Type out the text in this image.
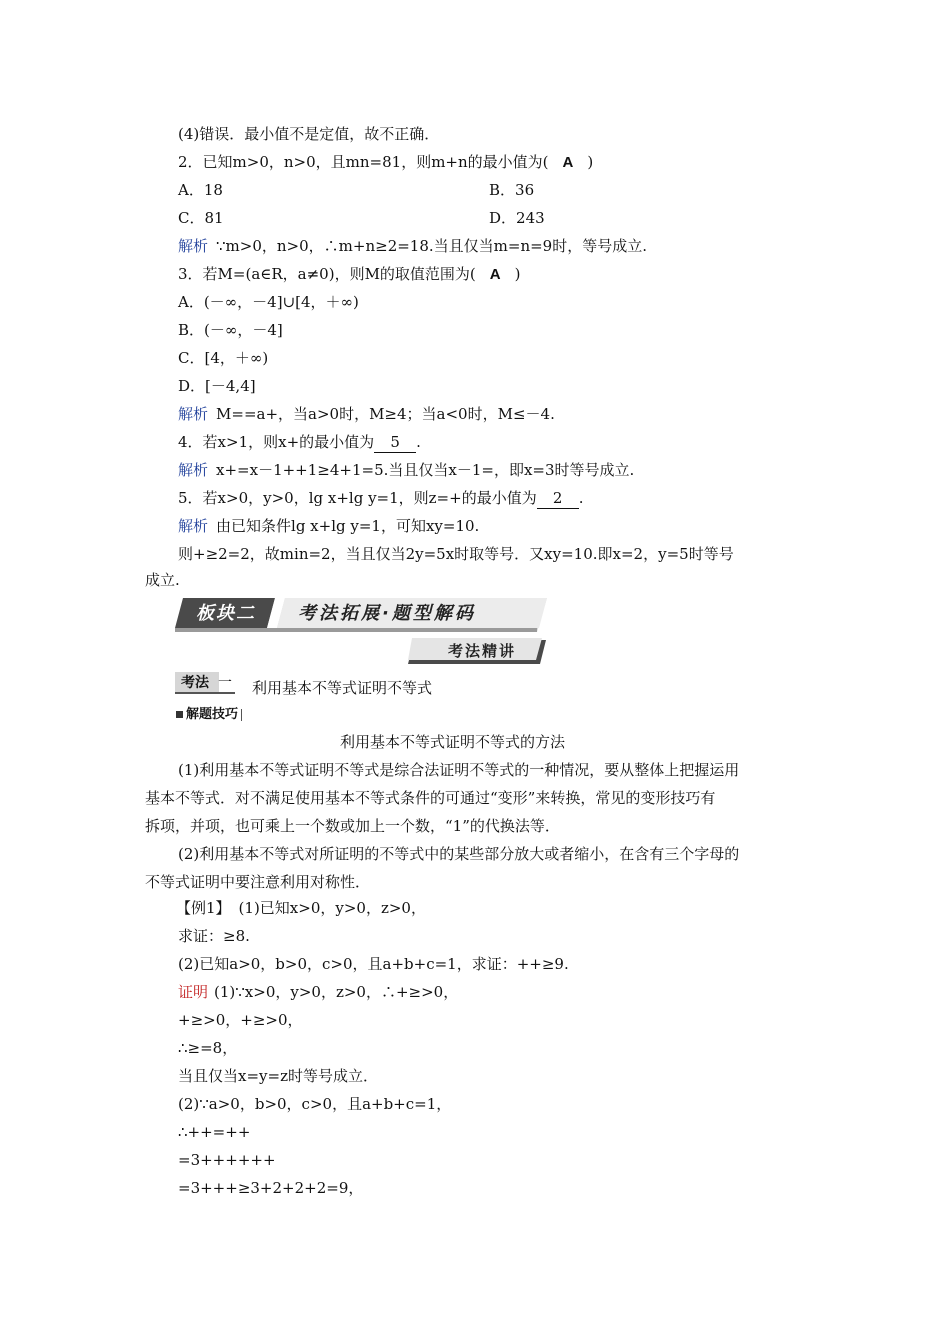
(4)错误．最小值不是定值，故不正确．
2．已知m>0，n>0，且mn=81，则m+n的最小值为( A )
A．18	B．36
C．81	D．243
解析 ∵m>0，n>0，∴m+n≥2=18.当且仅当m=n=9时，等号成立.
3．若M=(a∈R，a≠0)，则M的取值范围为( A )
A．(－∞，－4]∪[4，＋∞)
B．(－∞，－4]
C．[4，＋∞)
D．[－4,4]
解析 M==a+，当a>0时，M≥4；当a<0时，M≤－4.
4．若x>1，则x+的最小值为 5 .
解析 x+=x－1++1≥4+1=5.当且仅当x－1=，即x=3时等号成立.
5．若x>0，y>0，lg x+lg y=1，则z=+的最小值为 2 .
解析 由已知条件lg x+lg y=1，可知xy=10.
则+≥2=2，故min=2，当且仅当2y=5x时取等号．又xy=10.即x=2，y=5时等号
成立.
板块二 考法拓展·题型解码
考法精讲
考法 一 利用基本不等式证明不等式
解题技巧
利用基本不等式证明不等式的方法
(1)利用基本不等式证明不等式是综合法证明不等式的一种情况，要从整体上把握运用
基本不等式．对不满足使用基本不等式条件的可通过“变形”来转换，常见的变形技巧有
拆项，并项，也可乘上一个数或加上一个数，“1”的代换法等．
(2)利用基本不等式对所证明的不等式中的某些部分放大或者缩小，在含有三个字母的
不等式证明中要注意利用对称性．
【例1】 (1)已知x>0，y>0，z>0，
求证：≥8.
(2)已知a>0，b>0，c>0，且a+b+c=1，求证：++≥9.
证明 (1)∵x>0，y>0，z>0，∴+≥>0，
+≥>0，+≥>0，
∴≥=8，
当且仅当x=y=z时等号成立．
(2)∵a>0，b>0，c>0，且a+b+c=1，
∴++=++
=3++++++
=3+++≥3+2+2+2=9，
